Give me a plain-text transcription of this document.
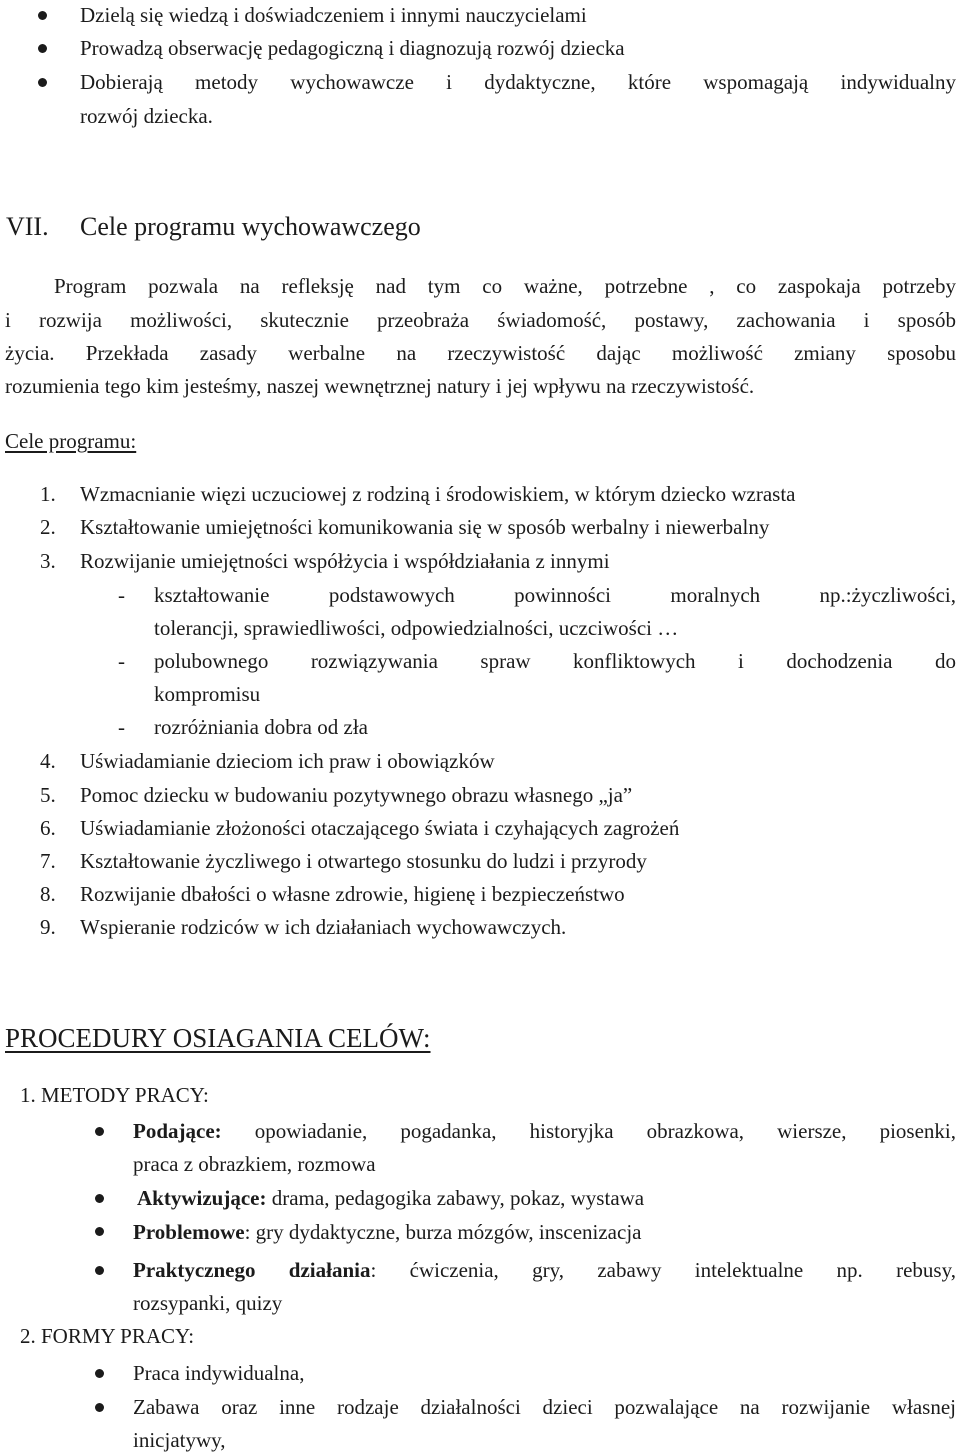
Dzielą się wiedzą i doświadczeniem i innymi nauczycielami
Prowadzą obserwację pedagogiczną i diagnozują rozwój dziecka
Dobierają metody wychowawcze i dydaktyczne, które wspomagają indywidualny
rozwój dziecka.
VII. Cele programu wychowawczego
Program pozwala na refleksję nad tym co ważne, potrzebne , co zaspokaja potrzeby
i rozwija możliwości, skutecznie przeobraża świadomość, postawy, zachowania i sposób
życia. Przekłada zasady werbalne na rzeczywistość dając możliwość zmiany sposobu
rozumienia tego kim jesteśmy, naszej wewnętrznej natury i jej wpływu na rzeczywistość.
Cele programu:
1. Wzmacnianie więzi uczuciowej z rodziną i środowiskiem, w którym dziecko wzrasta
2. Kształtowanie umiejętności komunikowania się w sposób werbalny i niewerbalny
3. Rozwijanie umiejętności współżycia i współdziałania z innymi
- kształtowanie podstawowych powinności moralnych np.:życzliwości,
tolerancji, sprawiedliwości, odpowiedzialności, uczciwości …
- polubownego rozwiązywania spraw konfliktowych i dochodzenia do
kompromisu
- rozróżniania dobra od zła
4. Uświadamianie dzieciom ich praw i obowiązków
5. Pomoc dziecku w budowaniu pozytywnego obrazu własnego „ja”
6. Uświadamianie złożoności otaczającego świata i czyhających zagrożeń
7. Kształtowanie życzliwego i otwartego stosunku do ludzi i przyrody
8. Rozwijanie dbałości o własne zdrowie, higienę i bezpieczeństwo
9. Wspieranie rodziców w ich działaniach wychowawczych.
PROCEDURY OSIAGANIA CELÓW:
1. METODY PRACY:
Podające: opowiadanie, pogadanka, historyjka obrazkowa, wiersze, piosenki,
praca z obrazkiem, rozmowa
Aktywizujące: drama, pedagogika zabawy, pokaz, wystawa
Problemowe: gry dydaktyczne, burza mózgów, inscenizacja
Praktycznego działania: ćwiczenia, gry, zabawy intelektualne np. rebusy,
rozsypanki, quizy
2. FORMY PRACY:
Praca indywidualna,
Zabawa oraz inne rodzaje działalności dzieci pozwalające na rozwijanie własnej
inicjatywy,
